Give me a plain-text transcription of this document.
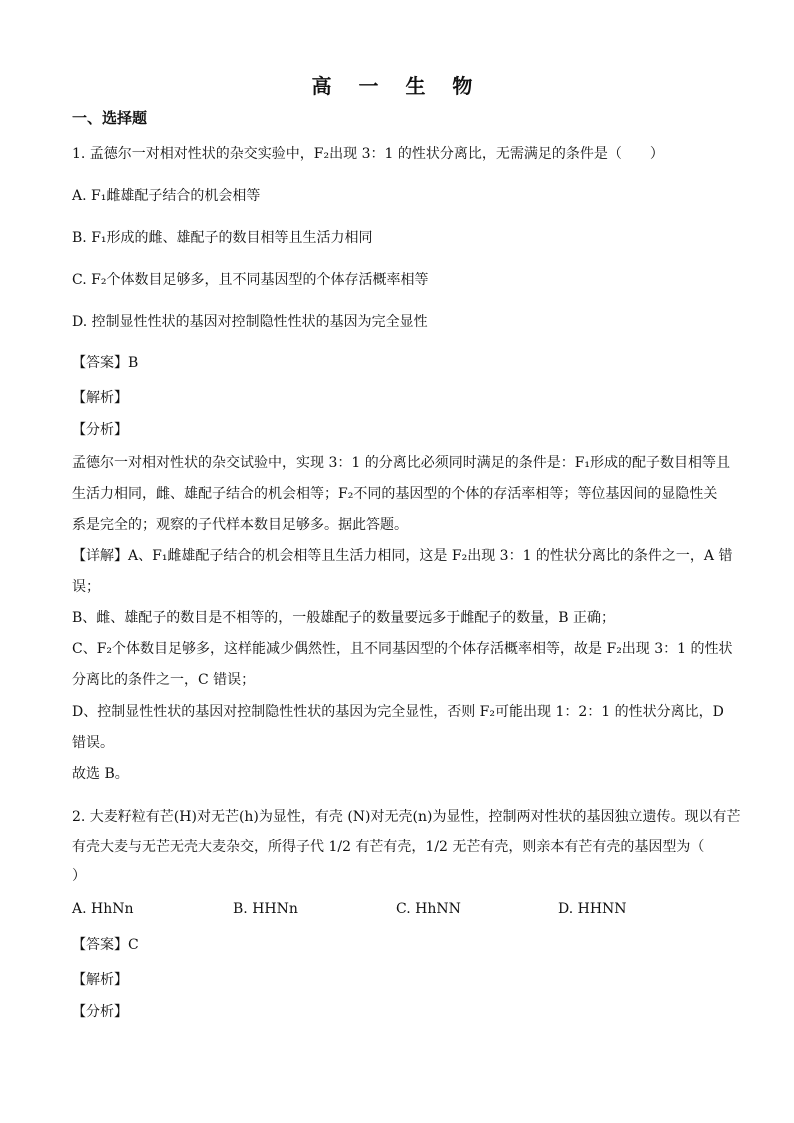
高 一 生 物
一、选择题
1. 孟德尔一对相对性状的杂交实验中，F₂出现 3：1 的性状分离比，无需满足的条件是（　　）
A. F₁雌雄配子结合的机会相等
B. F₁形成的雌、雄配子的数目相等且生活力相同
C. F₂个体数目足够多，且不同基因型的个体存活概率相等
D. 控制显性性状的基因对控制隐性性状的基因为完全显性
【答案】B
【解析】
【分析】
孟德尔一对相对性状的杂交试验中，实现 3：1 的分离比必须同时满足的条件是：F₁形成的配子数目相等且
生活力相同，雌、雄配子结合的机会相等；F₂不同的基因型的个体的存活率相等；等位基因间的显隐性关
系是完全的；观察的子代样本数目足够多。据此答题。
【详解】A、F₁雌雄配子结合的机会相等且生活力相同，这是 F₂出现 3：1 的性状分离比的条件之一，A 错
误；
B、雌、雄配子的数目是不相等的，一般雄配子的数量要远多于雌配子的数量，B 正确；
C、F₂个体数目足够多，这样能减少偶然性，且不同基因型的个体存活概率相等，故是 F₂出现 3：1 的性状
分离比的条件之一，C 错误；
D、控制显性性状的基因对控制隐性性状的基因为完全显性，否则 F₂可能出现 1：2：1 的性状分离比，D
错误。
故选 B。
2. 大麦籽粒有芒(H)对无芒(h)为显性，有壳 (N)对无壳(n)为显性，控制两对性状的基因独立遗传。现以有芒
有壳大麦与无芒无壳大麦杂交，所得子代 1/2 有芒有壳，1/2 无芒有壳，则亲本有芒有壳的基因型为（
）
A. HhNn	B. HHNn	C. HhNN	D. HHNN
【答案】C
【解析】
【分析】
